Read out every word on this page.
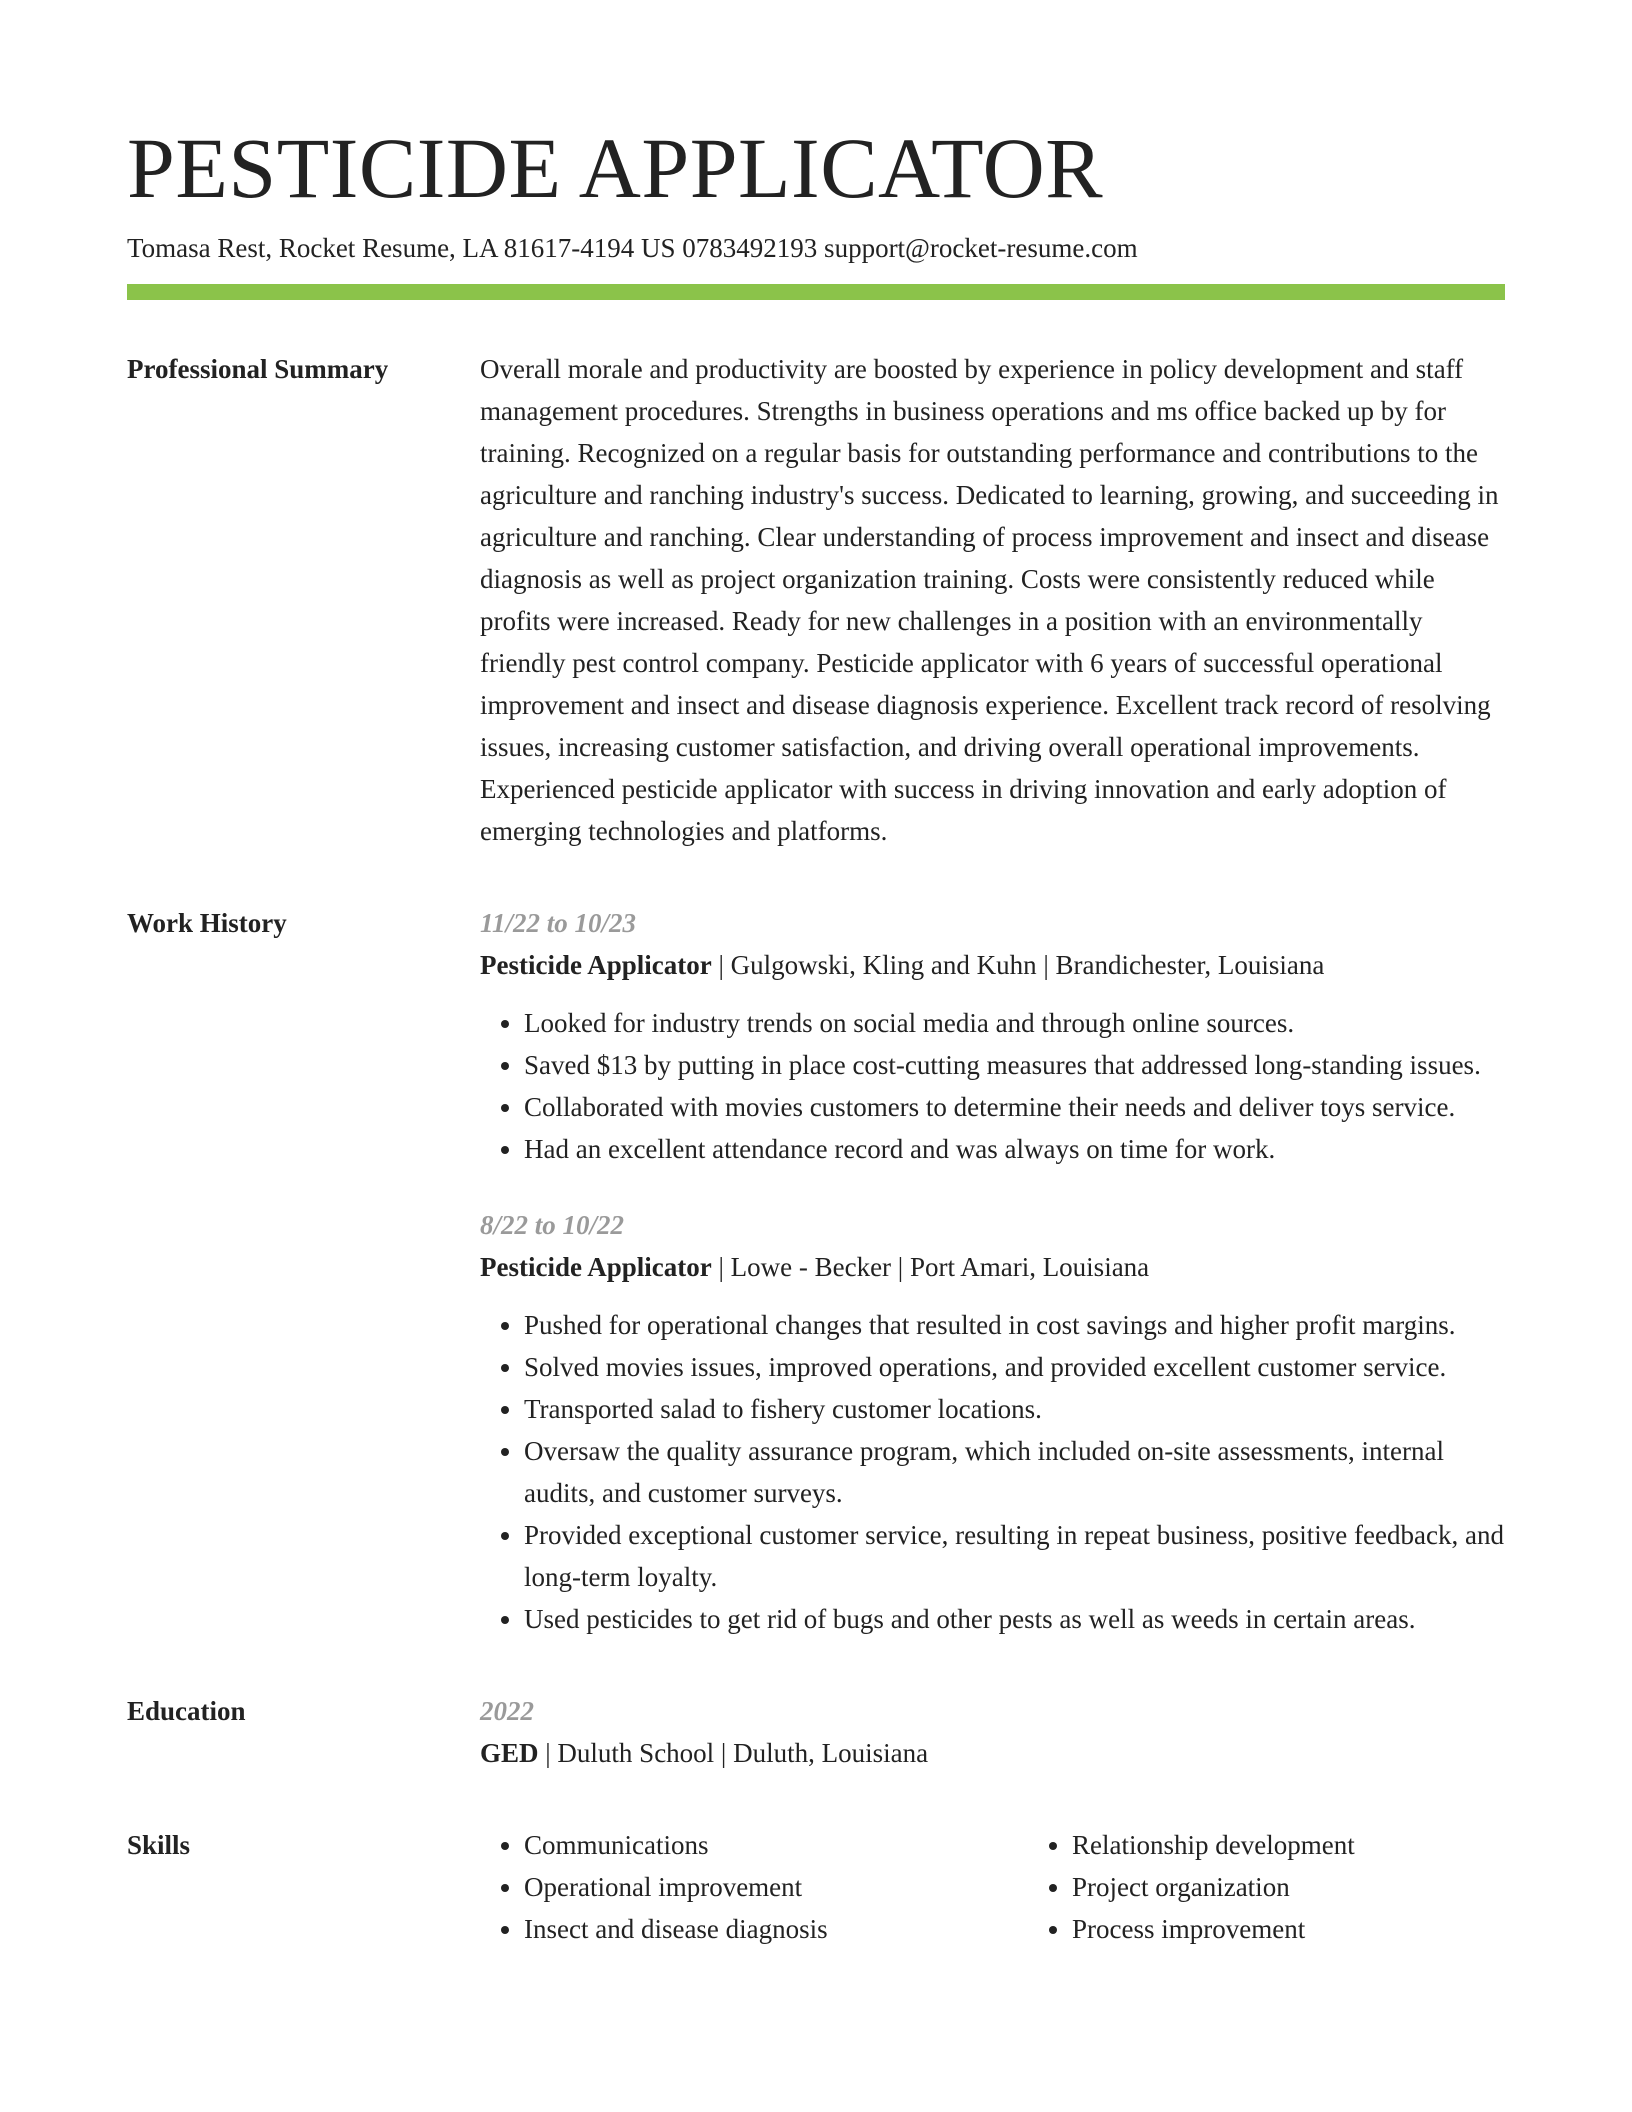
PESTICIDE APPLICATOR
Tomasa Rest, Rocket Resume, LA 81617-4194 US 0783492193 support@rocket-resume.com
Professional Summary	Overall morale and productivity are boosted by experience in policy development and staff management procedures. Strengths in business operations and ms office backed up by for training. Recognized on a regular basis for outstanding performance and contributions to the agriculture and ranching industry's success. Dedicated to learning, growing, and succeeding in agriculture and ranching. Clear understanding of process improvement and insect and disease diagnosis as well as project organization training. Costs were consistently reduced while profits were increased. Ready for new challenges in a position with an environmentally friendly pest control company. Pesticide applicator with 6 years of successful operational improvement and insect and disease diagnosis experience. Excellent track record of resolving issues, increasing customer satisfaction, and driving overall operational improvements. Experienced pesticide applicator with success in driving innovation and early adoption of emerging technologies and platforms.

Work History	11/22 to 10/23
Pesticide Applicator | Gulgowski, Kling and Kuhn | Brandichester, Louisiana
• Looked for industry trends on social media and through online sources.
• Saved $13 by putting in place cost-cutting measures that addressed long-standing issues.
• Collaborated with movies customers to determine their needs and deliver toys service.
• Had an excellent attendance record and was always on time for work.
8/22 to 10/22
Pesticide Applicator | Lowe - Becker | Port Amari, Louisiana
• Pushed for operational changes that resulted in cost savings and higher profit margins.
• Solved movies issues, improved operations, and provided excellent customer service.
• Transported salad to fishery customer locations.
• Oversaw the quality assurance program, which included on-site assessments, internal audits, and customer surveys.
• Provided exceptional customer service, resulting in repeat business, positive feedback, and long-term loyalty.
• Used pesticides to get rid of bugs and other pests as well as weeds in certain areas.
Education	2022
GED | Duluth School | Duluth, Louisiana
Skills
•	Communications
• Operational improvement
• Insect and disease diagnosis
• Relationship development
• Project organization
• Process improvement
